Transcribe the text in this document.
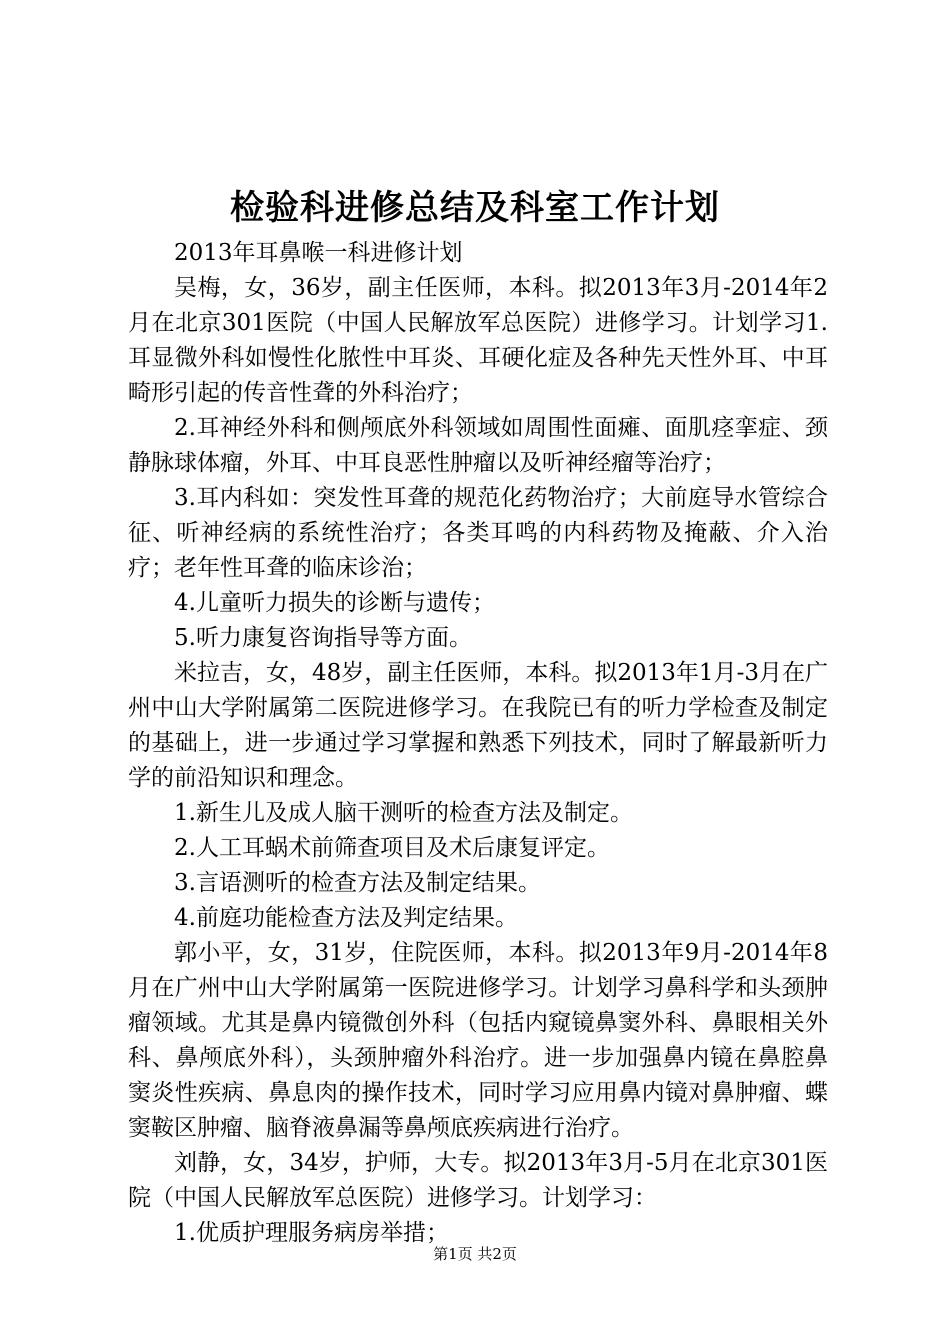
检验科进修总结及科室工作计划

2013年耳鼻喉一科进修计划

吴梅，女，36岁，副主任医师，本科。拟2013年3月-2014年2月在北京301医院（中国人民解放军总医院）进修学习。计划学习1.耳显微外科如慢性化脓性中耳炎、耳硬化症及各种先天性外耳、中耳畸形引起的传音性聋的外科治疗；

2.耳神经外科和侧颅底外科领域如周围性面瘫、面肌痉挛症、颈静脉球体瘤，外耳、中耳良恶性肿瘤以及听神经瘤等治疗；

3.耳内科如：突发性耳聋的规范化药物治疗；大前庭导水管综合征、听神经病的系统性治疗；各类耳鸣的内科药物及掩蔽、介入治疗；老年性耳聋的临床诊治；

4.儿童听力损失的诊断与遗传；

5.听力康复咨询指导等方面。

米拉吉，女，48岁，副主任医师，本科。拟2013年1月-3月在广州中山大学附属第二医院进修学习。在我院已有的听力学检查及制定的基础上，进一步通过学习掌握和熟悉下列技术，同时了解最新听力学的前沿知识和理念。

1.新生儿及成人脑干测听的检查方法及制定。

2.人工耳蜗术前筛查项目及术后康复评定。

3.言语测听的检查方法及制定结果。

4.前庭功能检查方法及判定结果。

郭小平，女，31岁，住院医师，本科。拟2013年9月-2014年8月在广州中山大学附属第一医院进修学习。计划学习鼻科学和头颈肿瘤领域。尤其是鼻内镜微创外科（包括内窥镜鼻窦外科、鼻眼相关外科、鼻颅底外科），头颈肿瘤外科治疗。进一步加强鼻内镜在鼻腔鼻窦炎性疾病、鼻息肉的操作技术，同时学习应用鼻内镜对鼻肿瘤、蝶窦鞍区肿瘤、脑脊液鼻漏等鼻颅底疾病进行治疗。

刘静，女，34岁，护师，大专。拟2013年3月-5月在北京301医院（中国人民解放军总医院）进修学习。计划学习：

1.优质护理服务病房举措；

第1页 共2页
